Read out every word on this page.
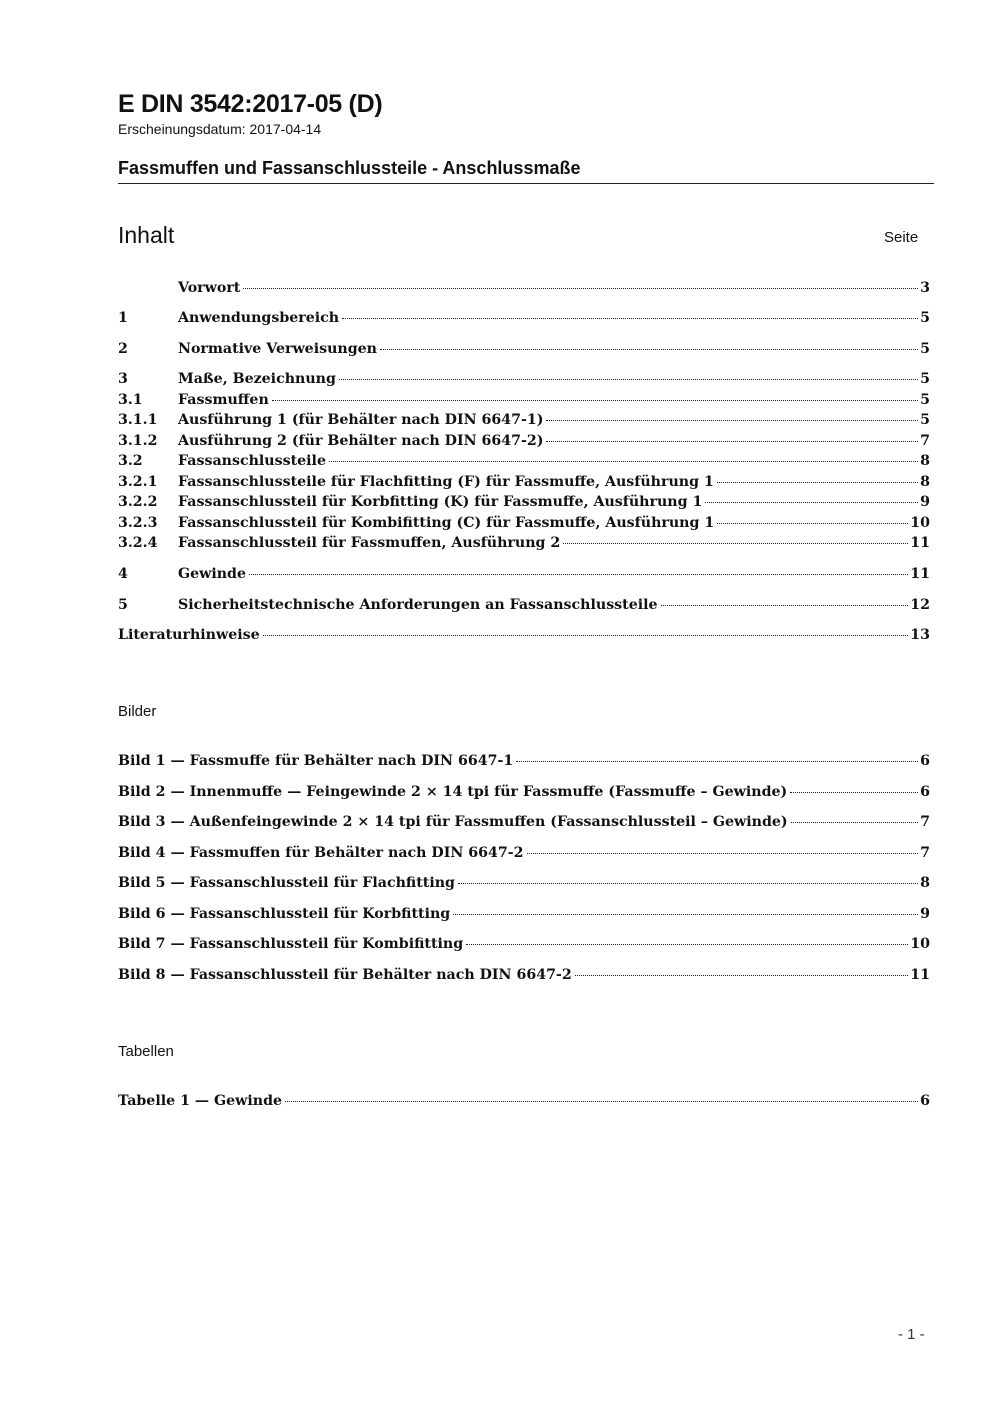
E DIN 3542:2017-05 (D)
Erscheinungsdatum: 2017-04-14
Fassmuffen und Fassanschlussteile - Anschlussmaße
Inhalt	Seite
Vorwort	3
1	Anwendungsbereich	5
2	Normative Verweisungen	5
3	Maße, Bezeichnung	5
3.1	Fassmuffen	5
3.1.1	Ausführung 1 (für Behälter nach DIN 6647-1)	5
3.1.2	Ausführung 2 (für Behälter nach DIN 6647-2)	7
3.2	Fassanschlussteile	8
3.2.1	Fassanschlussteile für Flachfitting (F) für Fassmuffe, Ausführung 1	8
3.2.2	Fassanschlussteil für Korbfitting (K) für Fassmuffe, Ausführung 1	9
3.2.3	Fassanschlussteil für Kombifitting (C) für Fassmuffe, Ausführung 1	10
3.2.4	Fassanschlussteil für Fassmuffen, Ausführung 2	11
4	Gewinde	11
5	Sicherheitstechnische Anforderungen an Fassanschlussteile	12
Literaturhinweise	13
Bilder
Bild 1 — Fassmuffe für Behälter nach DIN 6647-1	6
Bild 2 — Innenmuffe — Feingewinde 2 × 14 tpi für Fassmuffe (Fassmuffe – Gewinde)	6
Bild 3 — Außenfeingewinde 2 × 14 tpi für Fassmuffen (Fassanschlussteil – Gewinde)	7
Bild 4 — Fassmuffen für Behälter nach DIN 6647-2	7
Bild 5 — Fassanschlussteil für Flachfitting	8
Bild 6 — Fassanschlussteil für Korbfitting	9
Bild 7 — Fassanschlussteil für Kombifitting	10
Bild 8 — Fassanschlussteil für Behälter nach DIN 6647-2	11
Tabellen
Tabelle 1 — Gewinde	6
- 1 -
